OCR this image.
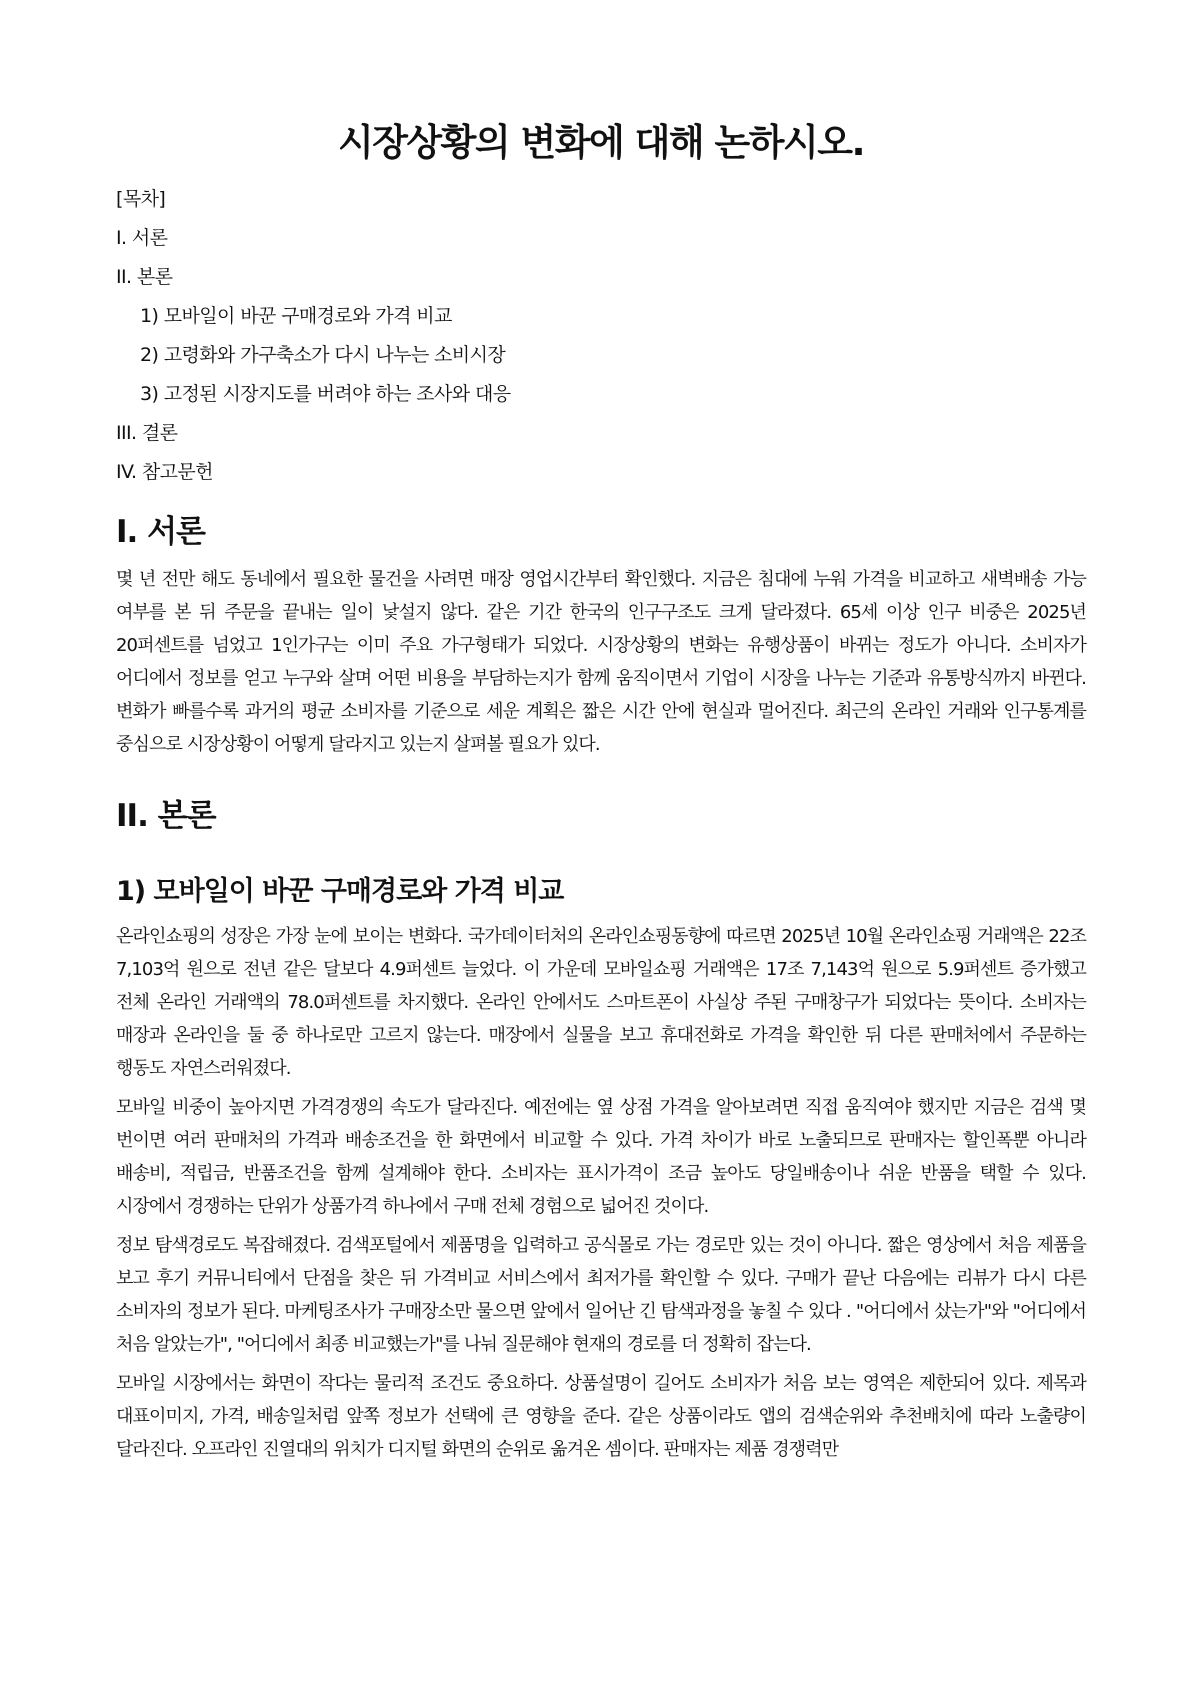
시장상황의 변화에 대해 논하시오.
[목차]
I. 서론
II. 본론
1) 모바일이 바꾼 구매경로와 가격 비교
2) 고령화와 가구축소가 다시 나누는 소비시장
3) 고정된 시장지도를 버려야 하는 조사와 대응
III. 결론
IV. 참고문헌
I. 서론

몇 년 전만 해도 동네에서 필요한 물건을 사려면 매장 영업시간부터 확인했다. 지금은 침대에 누워 가격을 비교하고 새벽배송 가능 여부를 본 뒤 주문을 끝내는 일이 낯설지 않다. 같은 기간 한국의 인구구조도 크게 달라졌다. 65세 이상 인구 비중은 2025년 20퍼센트를 넘었고 1인가구는 이미 주요 가구형태가 되었다. 시장상황의 변화는 유행상품이 바뀌는 정도가 아니다. 소비자가 어디에서 정보를 얻고 누구와 살며 어떤 비용을 부담하는지가 함께 움직이면서 기업이 시장을 나누는 기준과 유통방식까지 바뀐다. 변화가 빠를수록 과거의 평균 소비자를 기준으로 세운 계획은 짧은 시간 안에 현실과 멀어진다. 최근의 온라인 거래와 인구통계를 중심으로 시장상황이 어떻게 달라지고 있는지 살펴볼 필요가 있다.

II. 본론
1) 모바일이 바꾼 구매경로와 가격 비교

온라인쇼핑의 성장은 가장 눈에 보이는 변화다. 국가데이터처의 온라인쇼핑동향에 따르면 2025년 10월 온라인쇼핑 거래액은 22조 7,103억 원으로 전년 같은 달보다 4.9퍼센트 늘었다. 이 가운데 모바일쇼핑 거래액은 17조 7,143억 원으로 5.9퍼센트 증가했고 전체 온라인 거래액의 78.0퍼센트를 차지했다. 온라인 안에서도 스마트폰이 사실상 주된 구매창구가 되었다는 뜻이다. 소비자는 매장과 온라인을 둘 중 하나로만 고르지 않는다. 매장에서 실물을 보고 휴대전화로 가격을 확인한 뒤 다른 판매처에서 주문하는 행동도 자연스러워졌다.

모바일 비중이 높아지면 가격경쟁의 속도가 달라진다. 예전에는 옆 상점 가격을 알아보려면 직접 움직여야 했지만 지금은 검색 몇 번이면 여러 판매처의 가격과 배송조건을 한 화면에서 비교할 수 있다. 가격 차이가 바로 노출되므로 판매자는 할인폭뿐 아니라 배송비, 적립금, 반품조건을 함께 설계해야 한다. 소비자는 표시가격이 조금 높아도 당일배송이나 쉬운 반품을 택할 수 있다. 시장에서 경쟁하는 단위가 상품가격 하나에서 구매 전체 경험으로 넓어진 것이다.

정보 탐색경로도 복잡해졌다. 검색포털에서 제품명을 입력하고 공식몰로 가는 경로만 있는 것이 아니다. 짧은 영상에서 처음 제품을 보고 후기 커뮤니티에서 단점을 찾은 뒤 가격비교 서비스에서 최저가를 확인할 수 있다. 구매가 끝난 다음에는 리뷰가 다시 다른 소비자의 정보가 된다. 마케팅조사가 구매장소만 물으면 앞에서 일어난 긴 탐색과정을 놓칠 수 있다 . "어디에서 샀는가"와 "어디에서 처음 알았는가", "어디에서 최종 비교했는가"를 나눠 질문해야 현재의 경로를 더 정확히 잡는다.

모바일 시장에서는 화면이 작다는 물리적 조건도 중요하다. 상품설명이 길어도 소비자가 처음 보는 영역은 제한되어 있다. 제목과 대표이미지, 가격, 배송일처럼 앞쪽 정보가 선택에 큰 영향을 준다. 같은 상품이라도 앱의 검색순위와 추천배치에 따라 노출량이 달라진다. 오프라인 진열대의 위치가 디지털 화면의 순위로 옮겨온 셈이다. 판매자는 제품 경쟁력만
